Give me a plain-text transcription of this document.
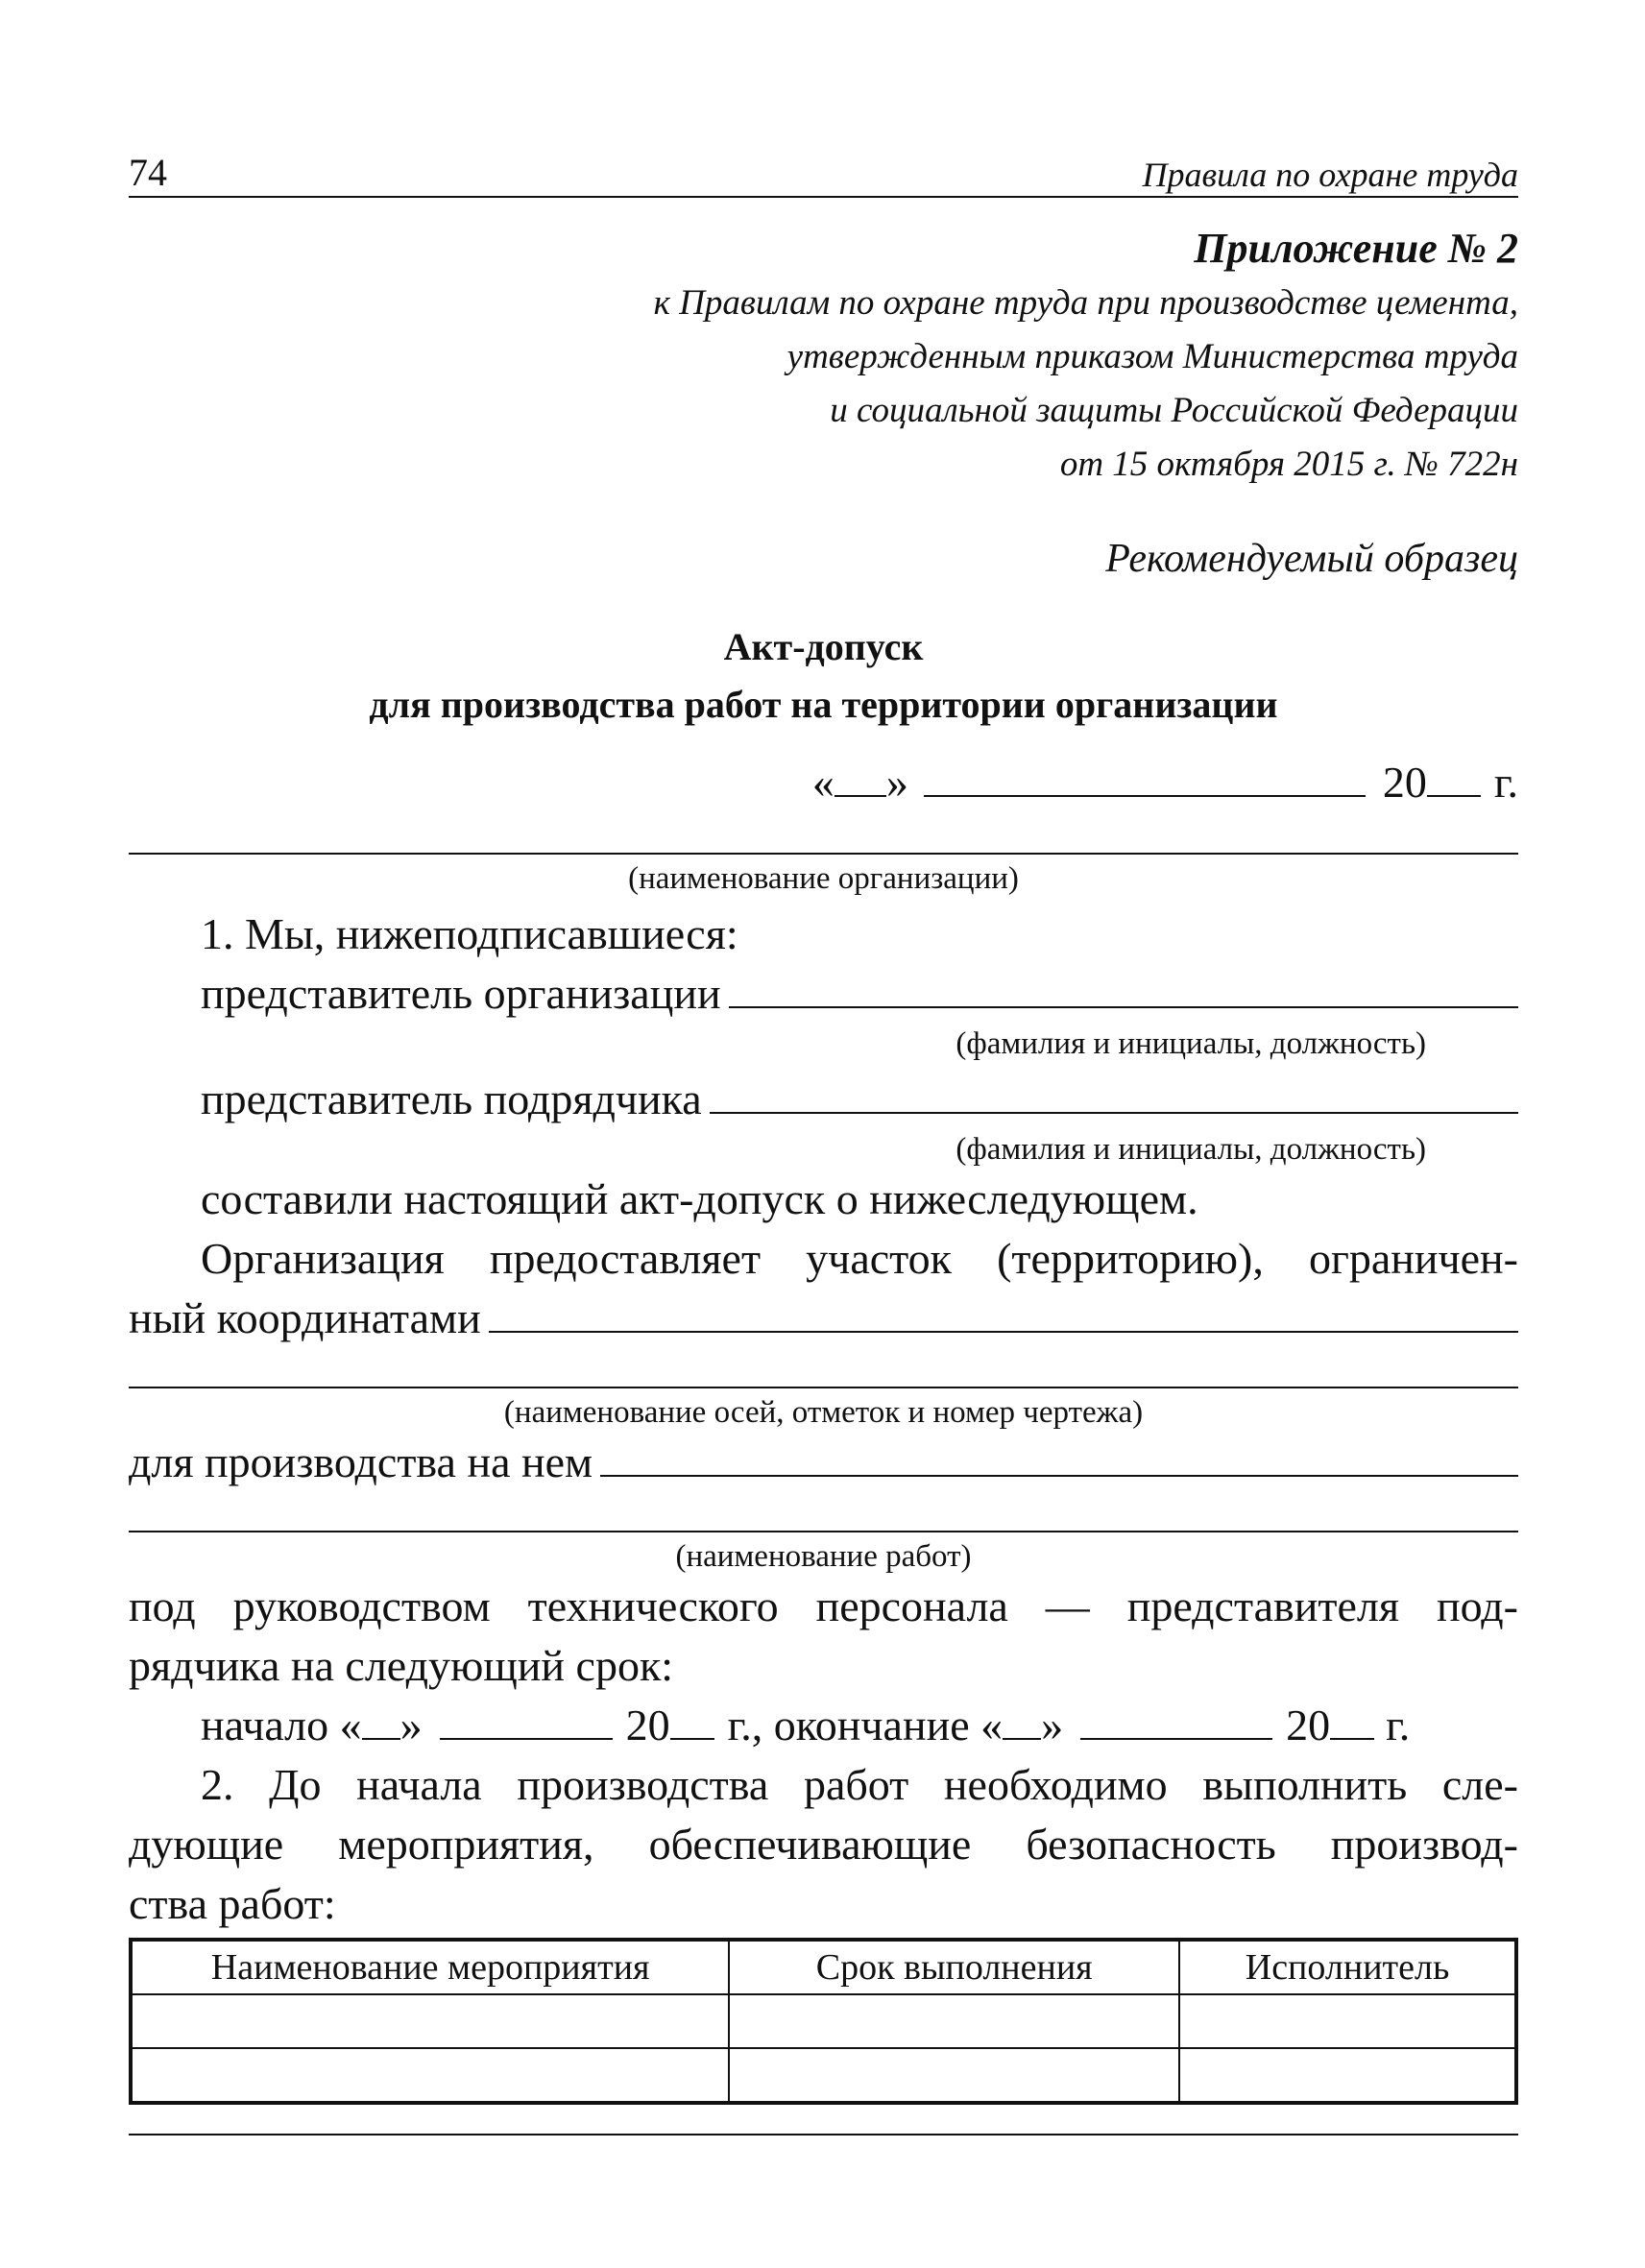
74	Правила по охране труда
Приложение № 2
к Правилам по охране труда при производстве цемента,
утвержденным приказом Министерства труда
и социальной защиты Российской Федерации
от 15 октября 2015 г. № 722н
Рекомендуемый образец
Акт-допуск
для производства работ на территории организации
« »	20 г.
(наименование организации)
1. Мы, нижеподписавшиеся:
представитель организации
(фамилия и инициалы, должность)
представитель подрядчика
(фамилия и инициалы, должность)
составили настоящий акт-допуск о нижеследующем.
Организация предоставляет участок (территорию), ограничен-
ный координатами
(наименование осей, отметок и номер чертежа)
для производства на нем
(наименование работ)
под руководством технического персонала — представителя под-
рядчика на следующий срок:
начало « »	20 г., окончание « »	20 г.
2. До начала производства работ необходимо выполнить сле-
дующие мероприятия, обеспечивающие безопасность производ-
ства работ:
Наименование мероприятия	Срок выполнения	Исполнитель
